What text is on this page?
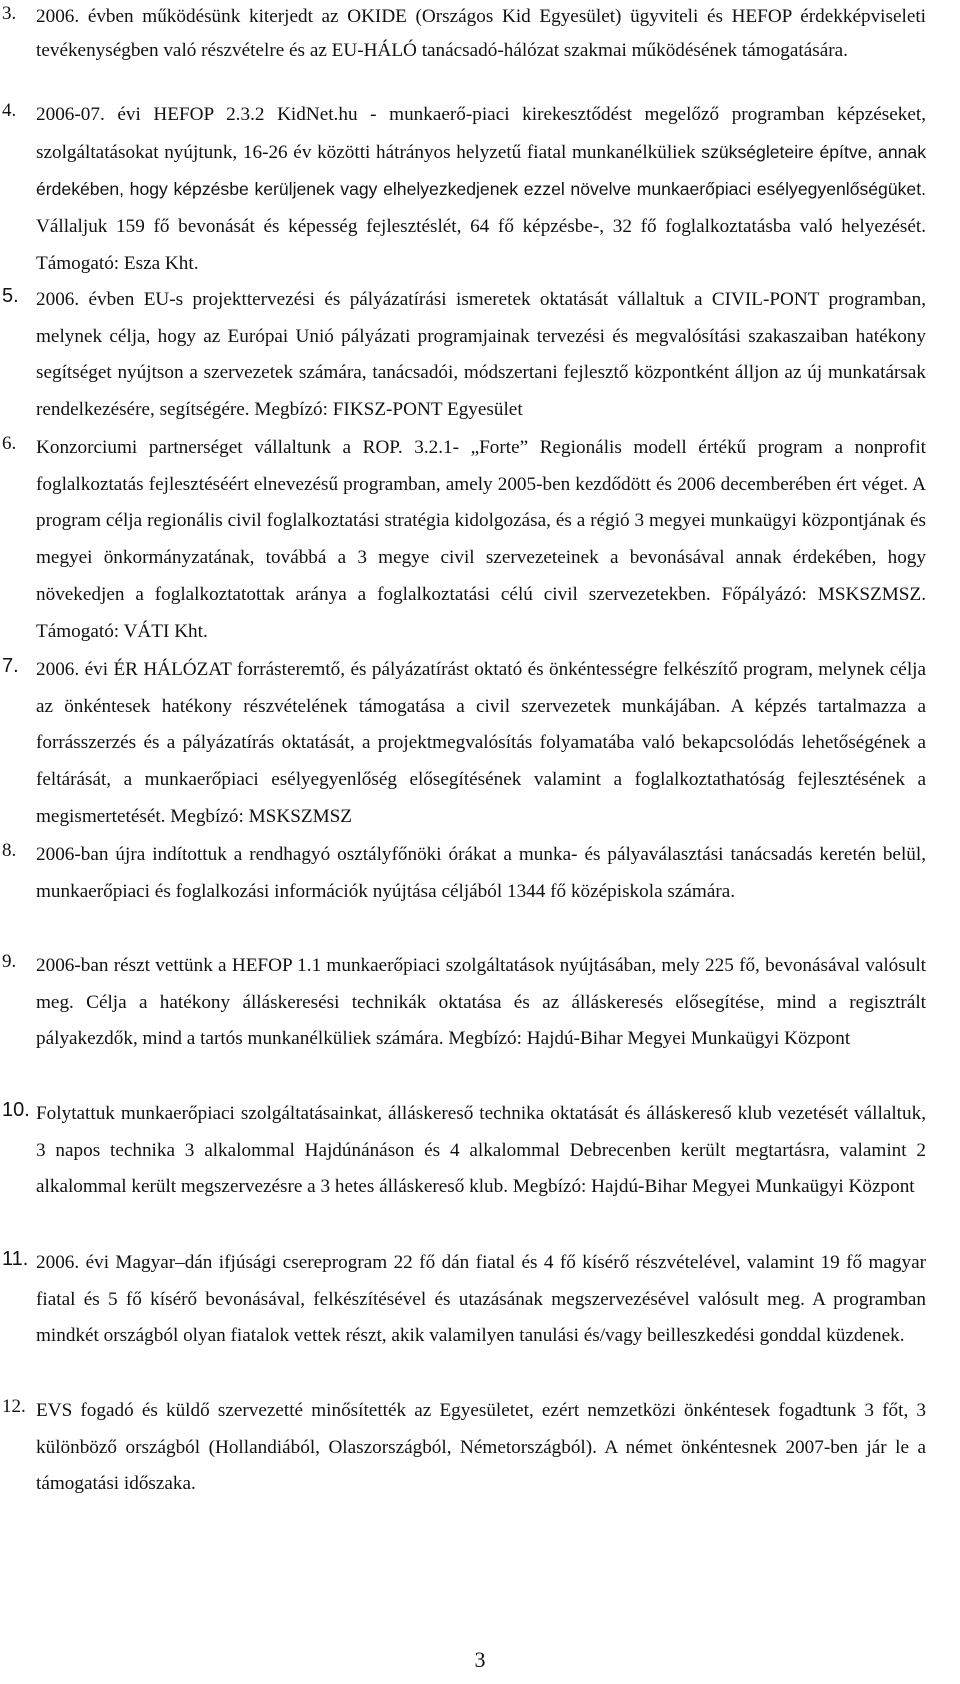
3. 2006. évben működésünk kiterjedt az OKIDE (Országos Kid Egyesület) ügyviteli és HEFOP érdekképviseleti tevékenységben való részvételre és az EU-HÁLÓ tanácsadó-hálózat szakmai működésének támogatására.
4. 2006-07. évi HEFOP 2.3.2 KidNet.hu - munkaerő-piaci kirekesztődést megelőző programban képzéseket, szolgáltatásokat nyújtunk, 16-26 év közötti hátrányos helyzetű fiatal munkanélküliek szükségleteire építve, annak érdekében, hogy képzésbe kerüljenek vagy elhelyezkedjenek ezzel növelve munkaerőpiaci esélyegyenlőségüket. Vállaljuk 159 fő bevonását és képesség fejlesztéslét, 64 fő képzésbe-, 32 fő foglalkoztatásba való helyezését. Támogató: Esza Kht.
5. 2006. évben EU-s projekttervezési és pályázatírási ismeretek oktatását vállaltuk a CIVIL-PONT programban, melynek célja, hogy az Európai Unió pályázati programjainak tervezési és megvalósítási szakaszaiban hatékony segítséget nyújtson a szervezetek számára, tanácsadói, módszertani fejlesztő központként álljon az új munkatársak rendelkezésére, segítségére. Megbízó: FIKSZ-PONT Egyesület
6. Konzorciumi partnerséget vállaltunk a ROP. 3.2.1- „Forte” Regionális modell értékű program a nonprofit foglalkoztatás fejlesztéséért elnevezésű programban, amely 2005-ben kezdődött és 2006 decemberében ért véget. A program célja regionális civil foglalkoztatási stratégia kidolgozása, és a régió 3 megyei munkaügyi központjának és megyei önkormányzatának, továbbá a 3 megye civil szervezeteinek a bevonásával annak érdekében, hogy növekedjen a foglalkoztatottak aránya a foglalkoztatási célú civil szervezetekben. Főpályázó: MSKSZMSZ. Támogató: VÁTI Kht.
7. 2006. évi ÉR HÁLÓZAT forrásteremtő, és pályázatírást oktató és önkéntességre felkészítő program, melynek célja az önkéntesek hatékony részvételének támogatása a civil szervezetek munkájában. A képzés tartalmazza a forrásszerzés és a pályázatírás oktatását, a projektmegvalósítás folyamatába való bekapcsolódás lehetőségének a feltárását, a munkaerőpiaci esélyegyenlőség elősegítésének valamint a foglalkoztathatóság fejlesztésének a megismertetését. Megbízó: MSKSZMSZ
8. 2006-ban újra indítottuk a rendhagyó osztályfőnöki órákat a munka- és pályaválasztási tanácsadás keretén belül, munkaerőpiaci és foglalkozási információk nyújtása céljából 1344 fő középiskola számára.
9. 2006-ban részt vettünk a HEFOP 1.1 munkaerőpiaci szolgáltatások nyújtásában, mely 225 fő, bevonásával valósult meg. Célja a hatékony álláskeresési technikák oktatása és az álláskeresés elősegítése, mind a regisztrált pályakezdők, mind a tartós munkanélküliek számára. Megbízó: Hajdú-Bihar Megyei Munkaügyi Központ
10. Folytattuk munkaerőpiaci szolgáltatásainkat, álláskereső technika oktatását és álláskereső klub vezetését vállaltuk, 3 napos technika 3 alkalommal Hajdúnánáson és 4 alkalommal Debrecenben került megtartásra, valamint 2 alkalommal került megszervezésre a 3 hetes álláskereső klub. Megbízó: Hajdú-Bihar Megyei Munkaügyi Központ
11. 2006. évi Magyar–dán ifjúsági csereprogram 22 fő dán fiatal és 4 fő kísérő részvételével, valamint 19 fő magyar fiatal és 5 fő kísérő bevonásával, felkészítésével és utazásának megszervezésével valósult meg. A programban mindkét országból olyan fiatalok vettek részt, akik valamilyen tanulási és/vagy beilleszkedési gonddal küzdenek.
12. EVS fogadó és küldő szervezetté minősítették az Egyesületet, ezért nemzetközi önkéntesek fogadtunk 3 főt, 3 különböző országból (Hollandiából, Olaszországból, Németországból). A német önkéntesnek 2007-ben jár le a támogatási időszaka.
3
